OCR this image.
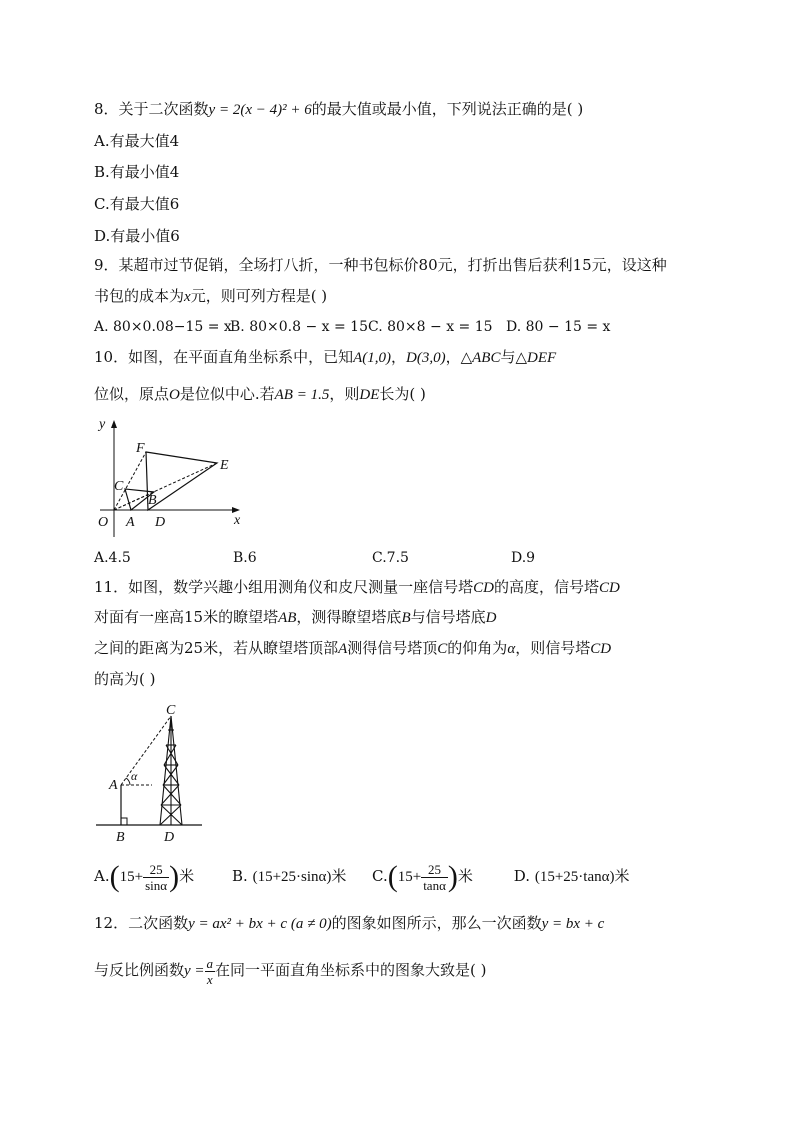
8．关于二次函数y = 2(x − 4)² + 6的最大值或最小值，下列说法正确的是( )
A.有最大值4
B.有最小值4
C.有最大值6
D.有最小值6
9．某超市过节促销，全场打八折，一种书包标价80元，打折出售后获利15元，设这种
书包的成本为x元，则可列方程是( )
A. 80×0.08−15 = xB. 80×0.8 − x = 15C. 80×8 − x = 15 D. 80 − 15 = x
10．如图，在平面直角坐标系中，已知A(1,0)，D(3,0)，△ABC与△DEF
位似，原点O是位似中心.若AB = 1.5，则DE长为( )
y
x
O A D
B
C
E
F
A.4.5	B.6	C.7.5	D.9
11．如图，数学兴趣小组用测角仪和皮尺测量一座信号塔CD的高度，信号塔CD
对面有一座高15米的瞭望塔AB，测得瞭望塔底B与信号塔底D
之间的距离为25米，若从瞭望塔顶部A测得信号塔顶C的仰角为α，则信号塔CD
的高为( )
C
A
α
B	D
$A.(15+ \frac{25}{\sin\alpha}$ )米	B. (15+25·sinα)米 $C.(15+ \frac{25}{\tan\alpha}$ )米	D. (15+25·tanα)米
12．二次函数y = ax² + bx + c (a ≠ 0)的图象如图所示，那么一次函数y = bx + c
与反比例函数$y = \frac{a}{x}$ 在同一平面直角坐标系中的图象大致是( )
